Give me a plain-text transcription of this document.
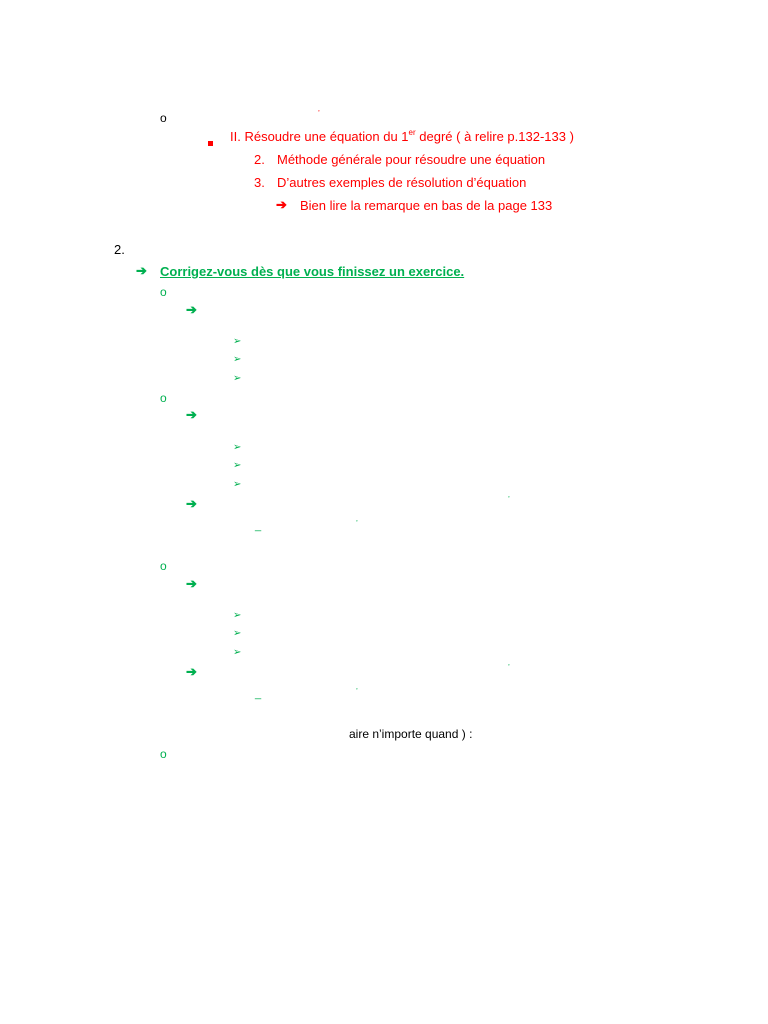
o	’
II. Résoudre une équation du 1er degré ( à relire p.132-133 )
2. Méthode générale pour résoudre une équation
3. D’autres exemples de résolution d’équation
➔ Bien lire la remarque en bas de la page 133
2.
➔ Corrigez-vous dès que vous finissez un exercice.
o
➔
➢
➢
➢
o
➔
➢
➢
➢
➔	’
_	’
o
➔
➢
➢
➢
➔	’
_	’
aire n’importe quand ) :
o
